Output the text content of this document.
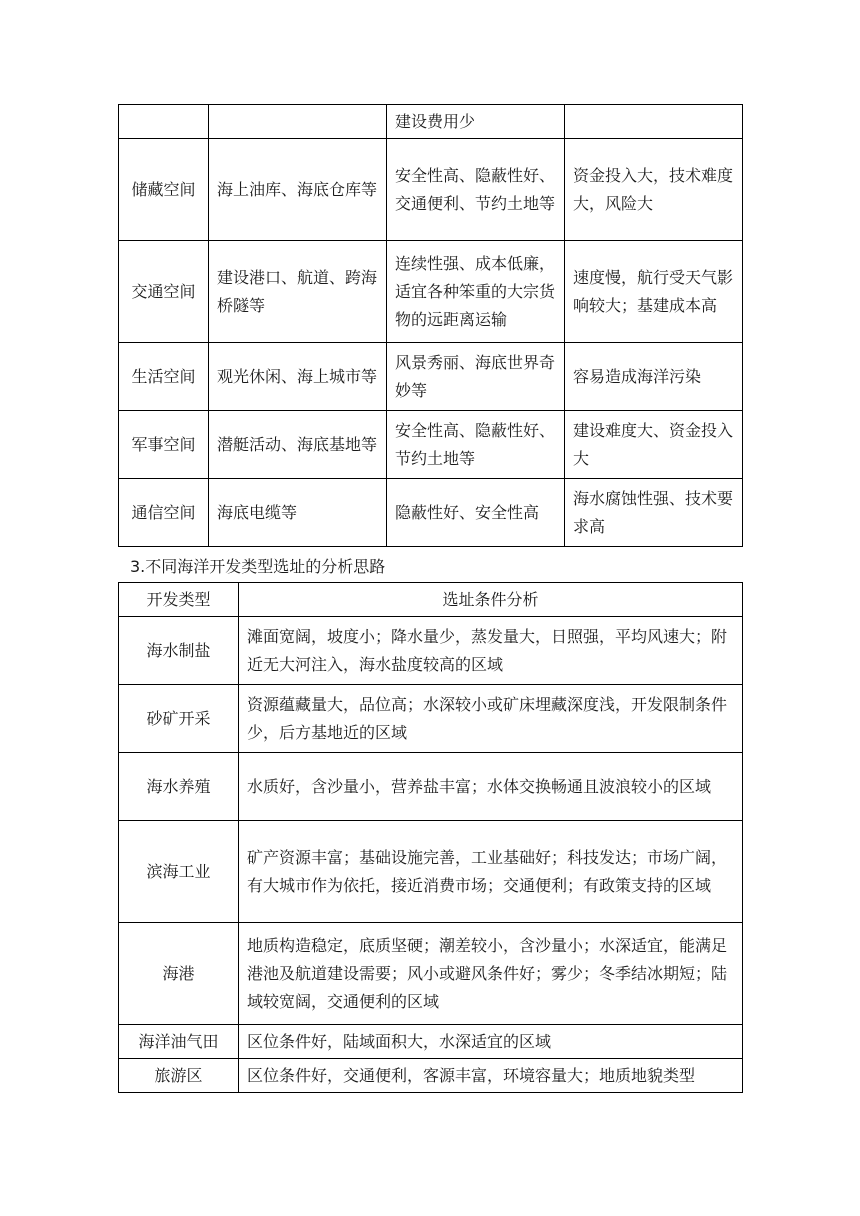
		建设费用少	
储藏空间	海上油库、海底仓库等	安全性高、隐蔽性好、交通便利、节约土地等	资金投入大，技术难度大，风险大
交通空间	建设港口、航道、跨海桥隧等	连续性强、成本低廉，适宜各种笨重的大宗货物的远距离运输	速度慢，航行受天气影响较大；基建成本高
生活空间	观光休闲、海上城市等	风景秀丽、海底世界奇妙等	容易造成海洋污染
军事空间	潜艇活动、海底基地等	安全性高、隐蔽性好、节约土地等	建设难度大、资金投入大
通信空间	海底电缆等	隐蔽性好、安全性高	海水腐蚀性强、技术要求高
3.不同海洋开发类型选址的分析思路
开发类型	选址条件分析
海水制盐	滩面宽阔，坡度小；降水量少，蒸发量大，日照强，平均风速大；附近无大河注入，海水盐度较高的区域
砂矿开采	资源蕴藏量大，品位高；水深较小或矿床埋藏深度浅，开发限制条件少，后方基地近的区域
海水养殖	水质好，含沙量小，营养盐丰富；水体交换畅通且波浪较小的区域
滨海工业	矿产资源丰富；基础设施完善，工业基础好；科技发达；市场广阔，有大城市作为依托，接近消费市场；交通便利；有政策支持的区域
海港	地质构造稳定，底质坚硬；潮差较小，含沙量小；水深适宜，能满足港池及航道建设需要；风小或避风条件好；雾少；冬季结冰期短；陆域较宽阔，交通便利的区域
海洋油气田	区位条件好，陆域面积大，水深适宜的区域
旅游区	区位条件好，交通便利，客源丰富，环境容量大；地质地貌类型
